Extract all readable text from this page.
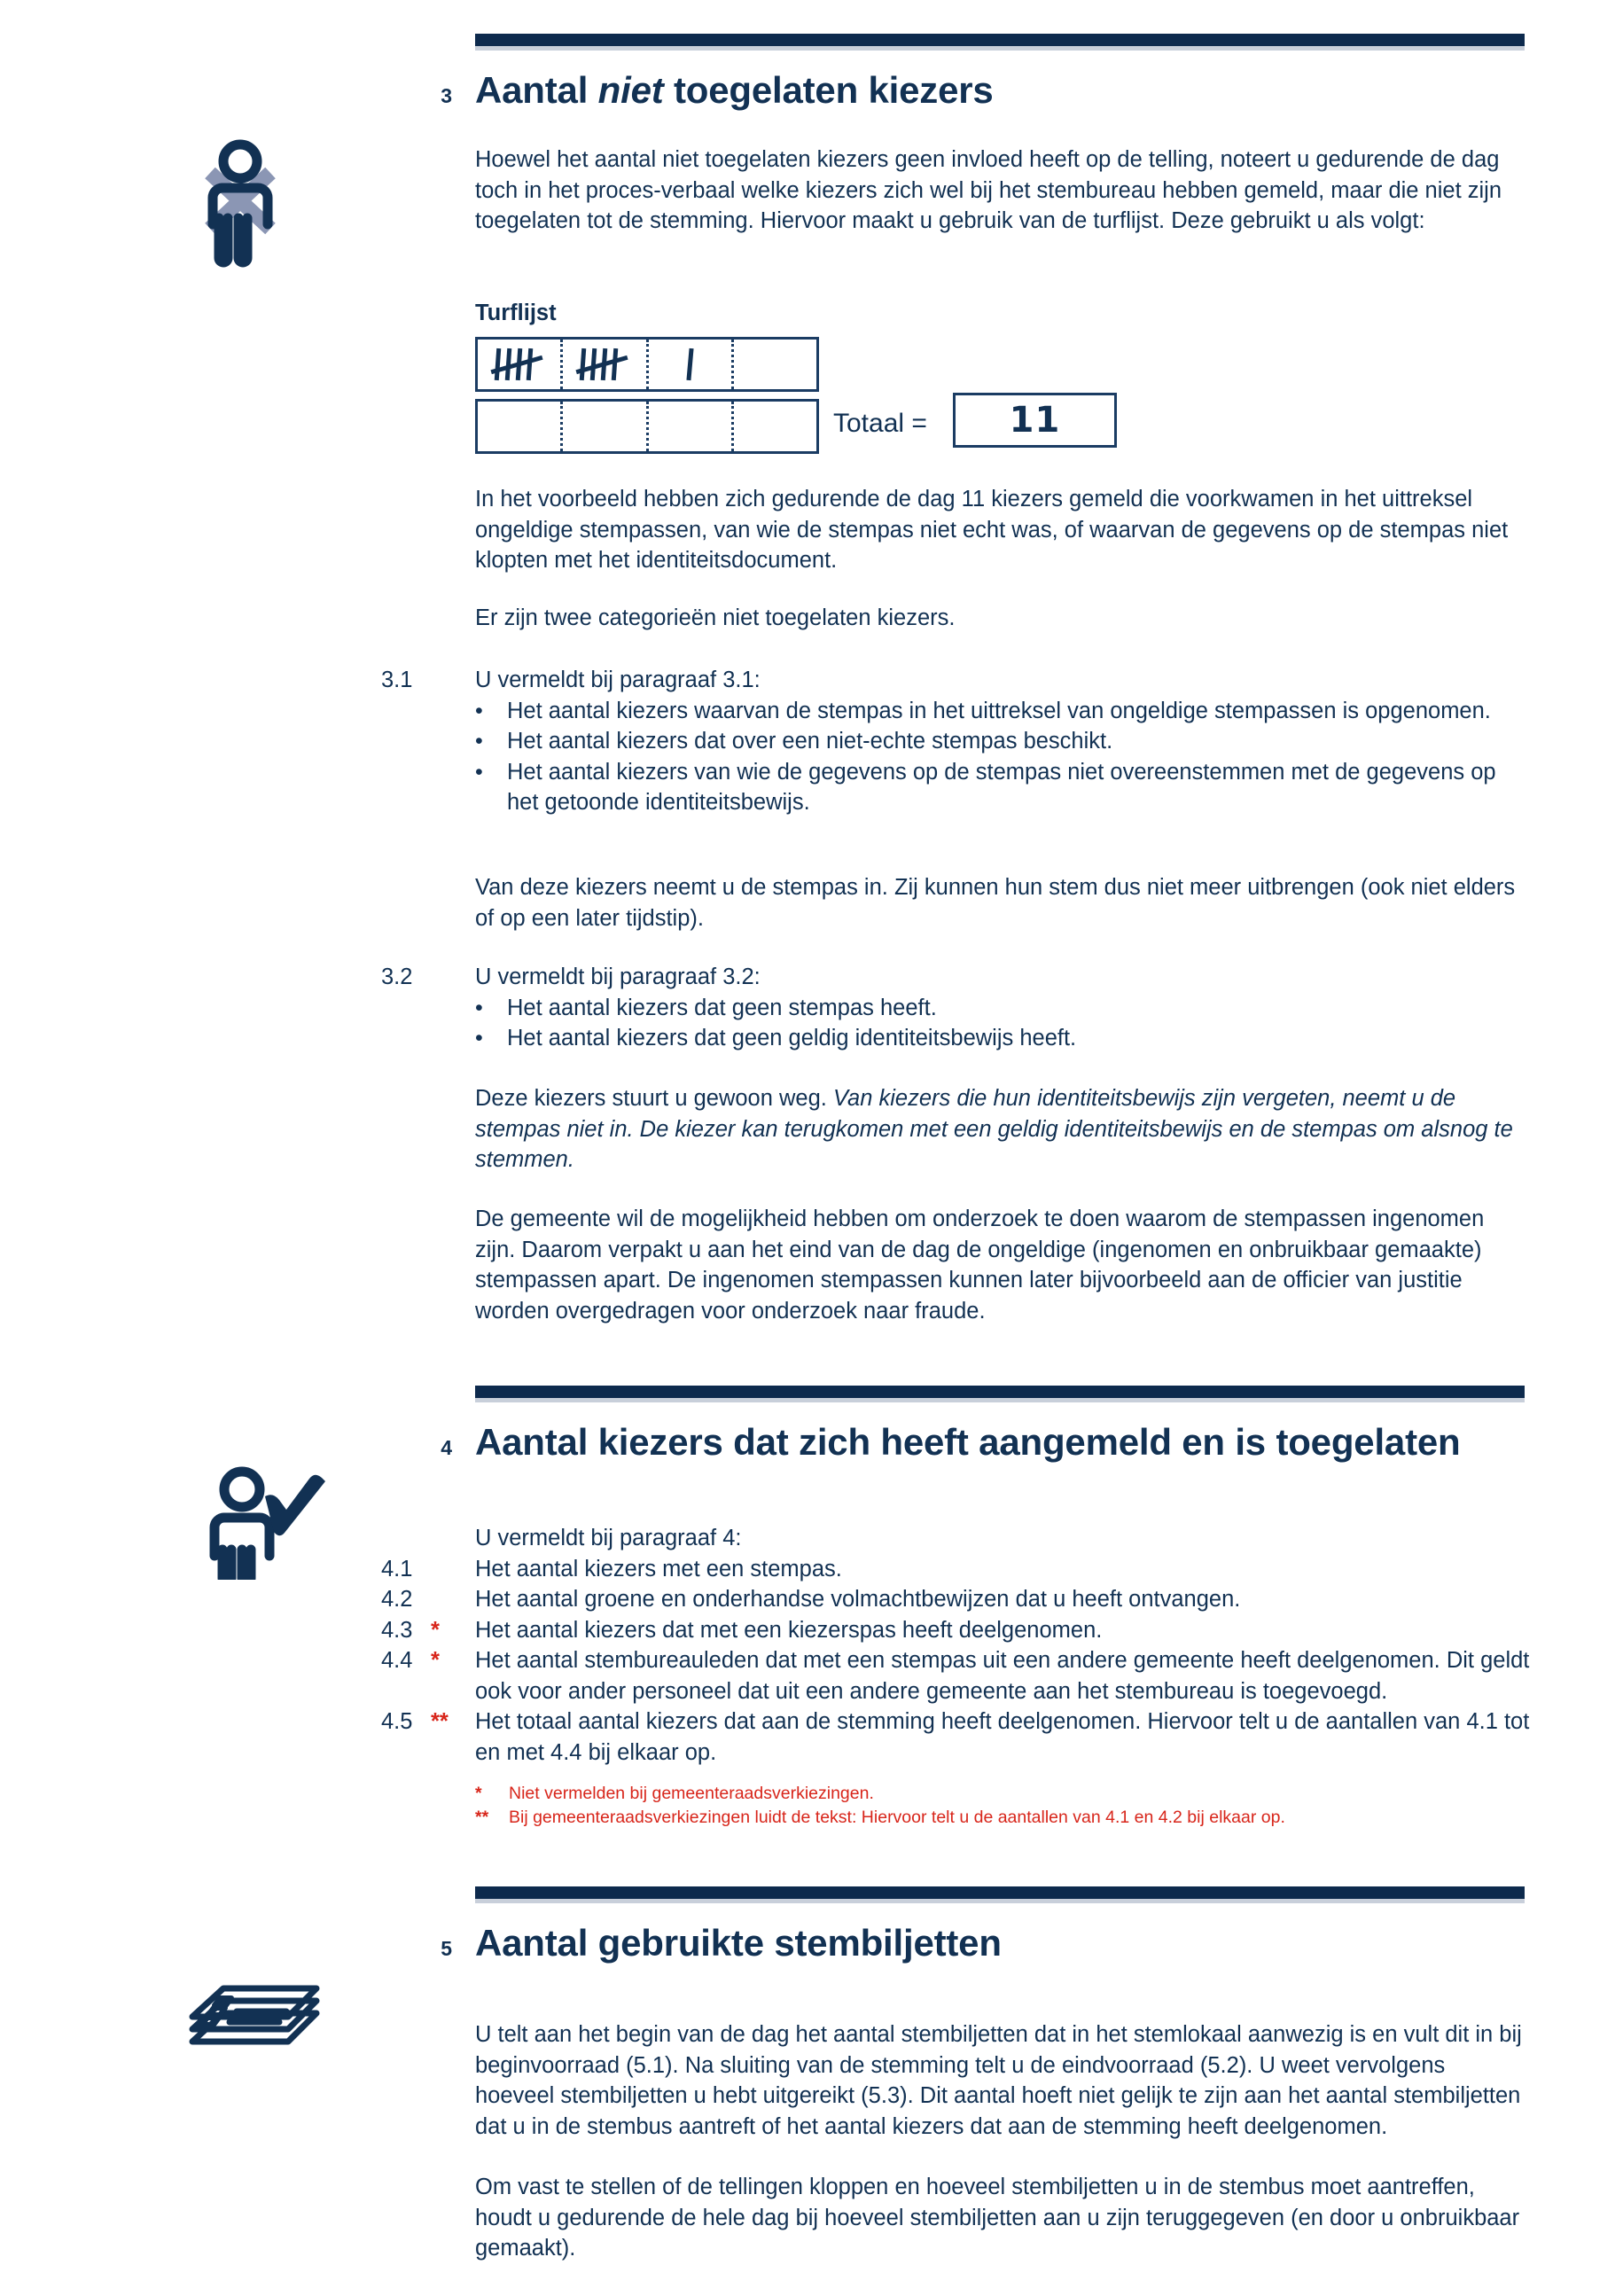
3 Aantal niet toegelaten kiezers
Hoewel het aantal niet toegelaten kiezers geen invloed heeft op de telling, noteert u gedurende de dag toch in het proces-verbaal welke kiezers zich wel bij het stembureau hebben gemeld, maar die niet zijn toegelaten tot de stemming. Hiervoor maakt u gebruik van de turflijst. Deze gebruikt u als volgt:
Turflijst
Totaal = 11
In het voorbeeld hebben zich gedurende de dag 11 kiezers gemeld die voorkwamen in het uittreksel ongeldige stempassen, van wie de stempas niet echt was, of waarvan de gegevens op de stempas niet klopten met het identiteitsdocument.
Er zijn twee categorieën niet toegelaten kiezers.
3.1	U vermeldt bij paragraaf 3.1:
•	Het aantal kiezers waarvan de stempas in het uittreksel van ongeldige stempassen is opgenomen.
•	Het aantal kiezers dat over een niet-echte stempas beschikt.
•	Het aantal kiezers van wie de gegevens op de stempas niet overeenstemmen met de gegevens op het getoonde identiteitsbewijs.
Van deze kiezers neemt u de stempas in. Zij kunnen hun stem dus niet meer uitbrengen (ook niet elders of op een later tijdstip).
3.2	U vermeldt bij paragraaf 3.2:
•	Het aantal kiezers dat geen stempas heeft.
•	Het aantal kiezers dat geen geldig identiteitsbewijs heeft.
Deze kiezers stuurt u gewoon weg. Van kiezers die hun identiteitsbewijs zijn vergeten, neemt u de stempas niet in. De kiezer kan terugkomen met een geldig identiteitsbewijs en de stempas om alsnog te stemmen.
De gemeente wil de mogelijkheid hebben om onderzoek te doen waarom de stempassen ingenomen zijn. Daarom verpakt u aan het eind van de dag de ongeldige (ingenomen en onbruikbaar gemaakte) stempassen apart. De ingenomen stempassen kunnen later bijvoorbeeld aan de officier van justitie worden overgedragen voor onderzoek naar fraude.
4 Aantal kiezers dat zich heeft aangemeld en is toegelaten
U vermeldt bij paragraaf 4:
4.1	Het aantal kiezers met een stempas.
4.2	Het aantal groene en onderhandse volmachtbewijzen dat u heeft ontvangen.
4.3 *	Het aantal kiezers dat met een kiezerspas heeft deelgenomen.
4.4 *	Het aantal stembureauleden dat met een stempas uit een andere gemeente heeft deelgenomen. Dit geldt ook voor ander personeel dat uit een andere gemeente aan het stembureau is toegevoegd.
4.5 **	Het totaal aantal kiezers dat aan de stemming heeft deelgenomen. Hiervoor telt u de aantallen van 4.1 tot en met 4.4 bij elkaar op.
*	Niet vermelden bij gemeenteraadsverkiezingen.
**	Bij gemeenteraadsverkiezingen luidt de tekst: Hiervoor telt u de aantallen van 4.1 en 4.2 bij elkaar op.
5 Aantal gebruikte stembiljetten
U telt aan het begin van de dag het aantal stembiljetten dat in het stemlokaal aanwezig is en vult dit in bij beginvoorraad (5.1). Na sluiting van de stemming telt u de eindvoorraad (5.2). U weet vervolgens hoeveel stembiljetten u hebt uitgereikt (5.3). Dit aantal hoeft niet gelijk te zijn aan het aantal stembiljetten dat u in de stembus aantreft of het aantal kiezers dat aan de stemming heeft deelgenomen.
Om vast te stellen of de tellingen kloppen en hoeveel stembiljetten u in de stembus moet aantreffen, houdt u gedurende de hele dag bij hoeveel stembiljetten aan u zijn teruggegeven (en door u onbruikbaar gemaakt).
